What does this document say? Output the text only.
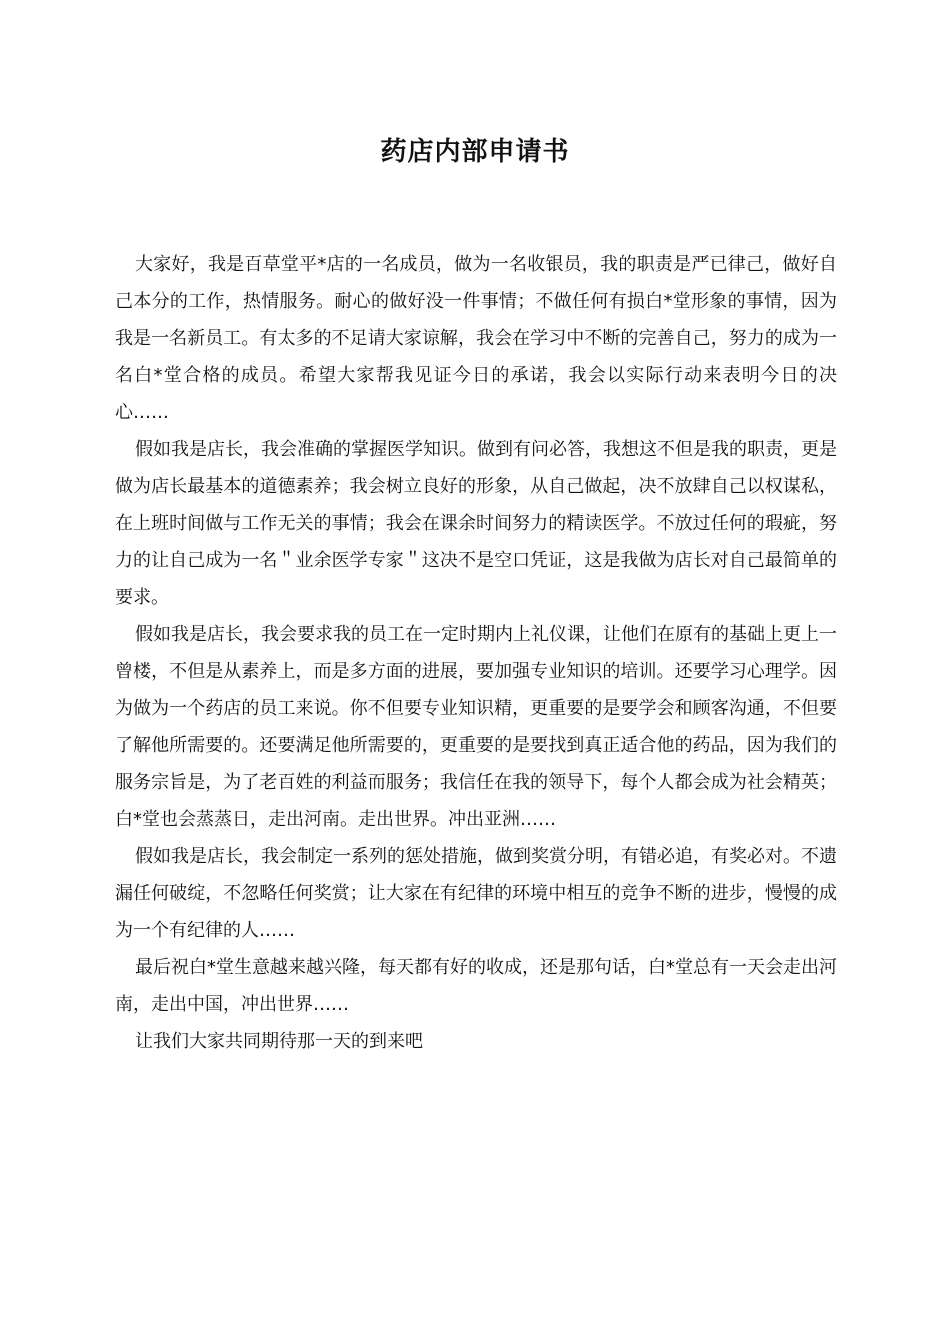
药店内部申请书

大家好，我是百草堂平*店的一名成员，做为一名收银员，我的职责是严已律己，做好自己本分的工作，热情服务。耐心的做好没一件事情；不做任何有损白*堂形象的事情，因为我是一名新员工。有太多的不足请大家谅解，我会在学习中不断的完善自己，努力的成为一名白*堂合格的成员。希望大家帮我见证今日的承诺，我会以实际行动来表明今日的决心……

假如我是店长，我会准确的掌握医学知识。做到有问必答，我想这不但是我的职责，更是做为店长最基本的道德素养；我会树立良好的形象，从自己做起，决不放肆自己以权谋私，在上班时间做与工作无关的事情；我会在课余时间努力的精读医学。不放过任何的瑕疵，努力的让自己成为一名＂业余医学专家＂这决不是空口凭证，这是我做为店长对自己最简单的要求。

假如我是店长，我会要求我的员工在一定时期内上礼仪课，让他们在原有的基础上更上一曾楼，不但是从素养上，而是多方面的进展，要加强专业知识的培训。还要学习心理学。因为做为一个药店的员工来说。你不但要专业知识精，更重要的是要学会和顾客沟通，不但要了解他所需要的。还要满足他所需要的，更重要的是要找到真正适合他的药品，因为我们的服务宗旨是，为了老百姓的利益而服务；我信任在我的领导下，每个人都会成为社会精英；白*堂也会蒸蒸日，走出河南。走出世界。冲出亚洲……

假如我是店长，我会制定一系列的惩处措施，做到奖赏分明，有错必追，有奖必对。不遗漏任何破绽，不忽略任何奖赏；让大家在有纪律的环境中相互的竞争不断的进步，慢慢的成为一个有纪律的人……

最后祝白*堂生意越来越兴隆，每天都有好的收成，还是那句话，白*堂总有一天会走出河南，走出中国，冲出世界……

让我们大家共同期待那一天的到来吧
